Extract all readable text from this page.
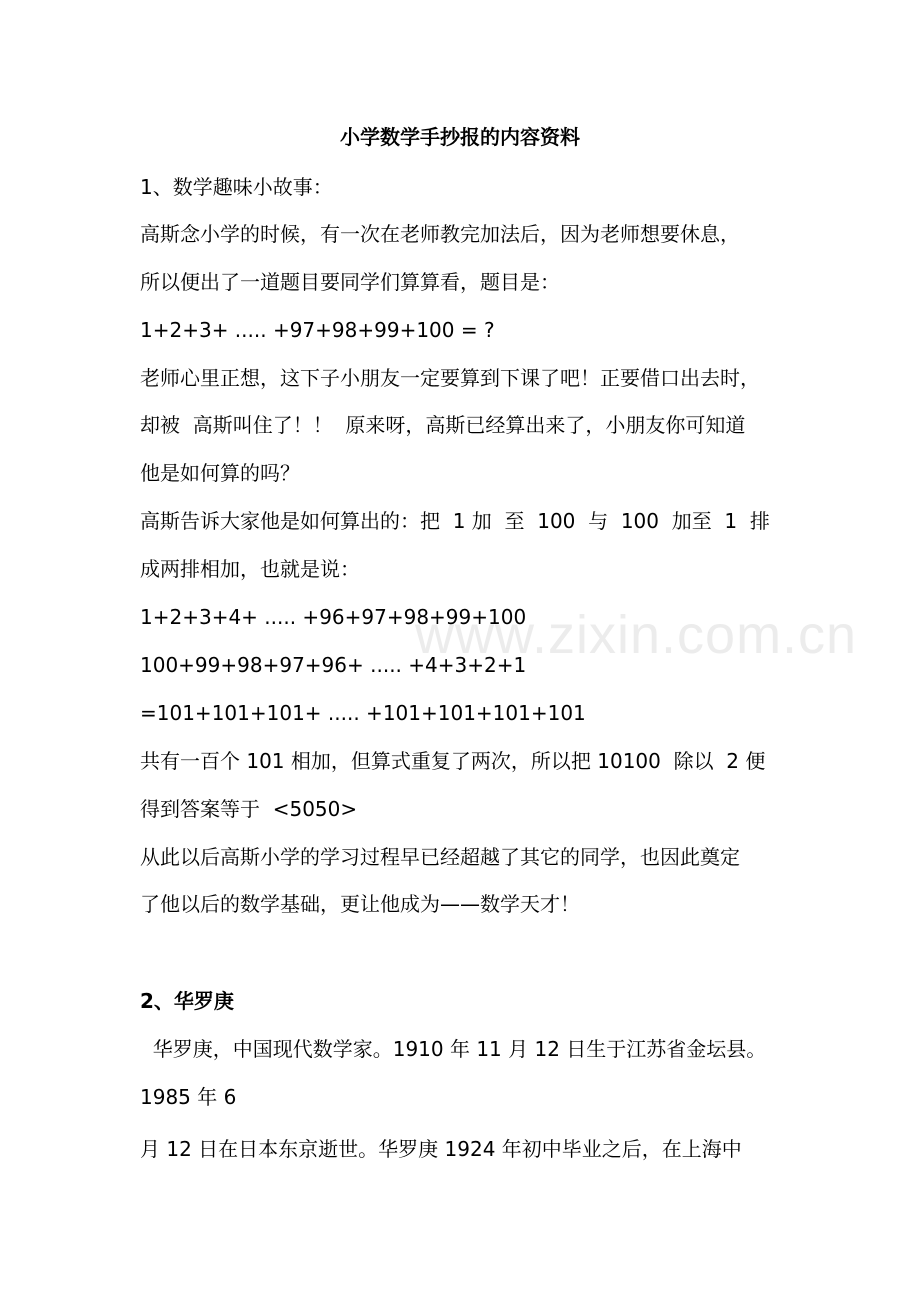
www.zixin.com.cn
小学数学手抄报的内容资料
1、数学趣味小故事：
高斯念小学的时候，有一次在老师教完加法后，因为老师想要休息，
所以便出了一道题目要同学们算算看，题目是：
1+2+3+ ..... +97+98+99+100 = ?
老师心里正想，这下子小朋友一定要算到下课了吧！正要借口出去时，
却被  高斯叫住了！！  原来呀，高斯已经算出来了，小朋友你可知道
他是如何算的吗？
高斯告诉大家他是如何算出的：把  1 加  至  100  与  100  加至  1  排
成两排相加，也就是说：
1+2+3+4+ ..... +96+97+98+99+100
100+99+98+97+96+ ..... +4+3+2+1
=101+101+101+ ..... +101+101+101+101
共有一百个 101 相加，但算式重复了两次，所以把 10100  除以  2 便
得到答案等于  <5050>
从此以后高斯小学的学习过程早已经超越了其它的同学，也因此奠定
了他以后的数学基础，更让他成为——数学天才！
2、华罗庚
华罗庚，中国现代数学家。1910 年 11 月 12 日生于江苏省金坛县。
1985 年 6
月 12 日在日本东京逝世。华罗庚 1924 年初中毕业之后，在上海中
